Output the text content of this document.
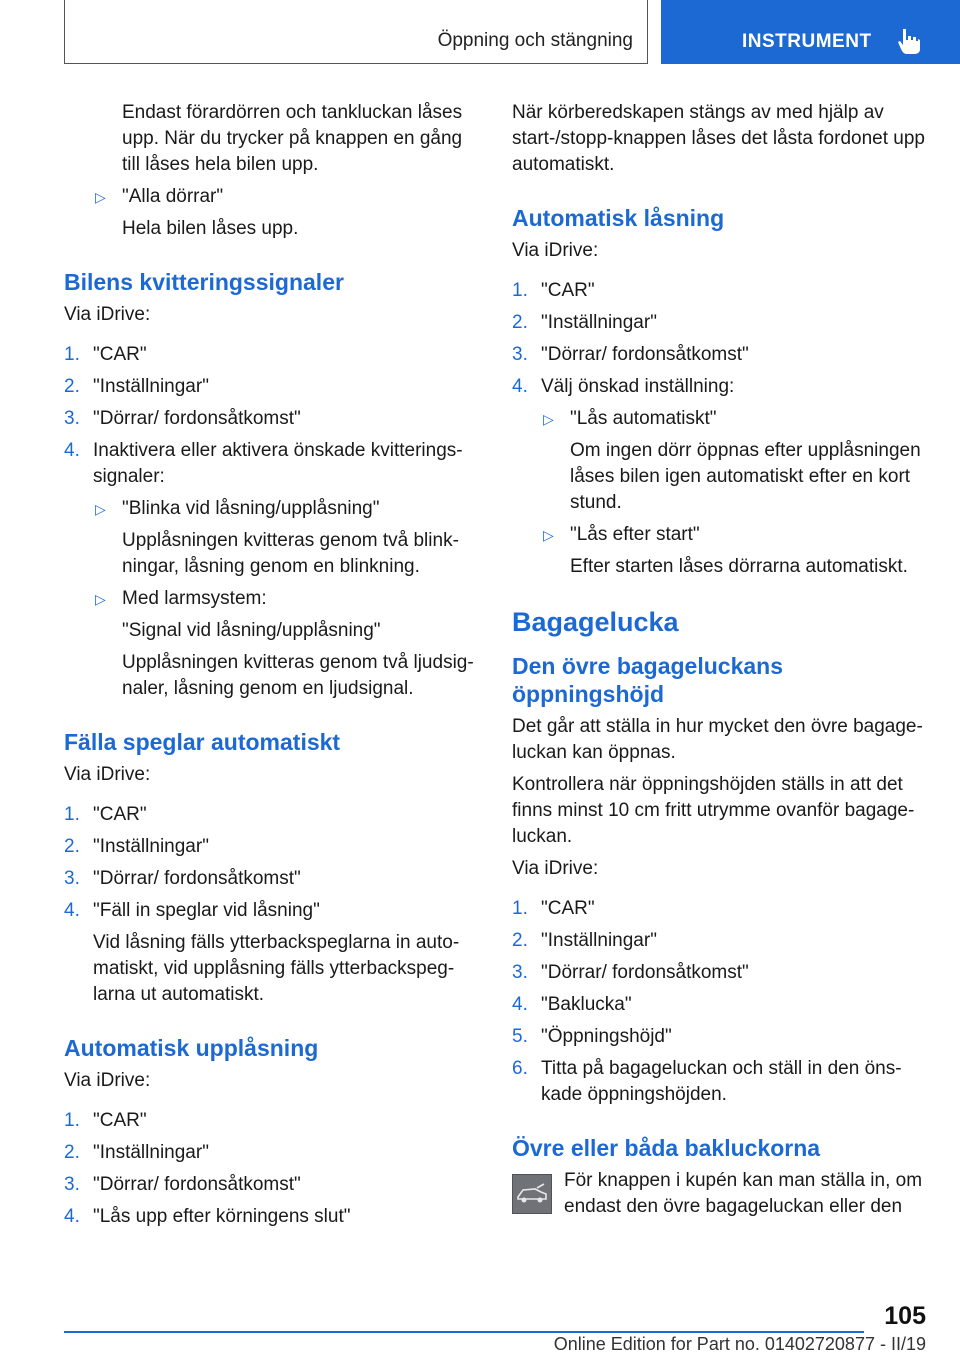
Öppning och stängning	INSTRUMENT

Endast förardörren och tankluckan låses upp. När du trycker på knappen en gång till låses hela bilen upp.

▷ "Alla dörrar"

Hela bilen låses upp.

Bilens kvitteringssignaler

Via iDrive:

1. "CAR"
2. "Inställningar"
3. "Dörrar/ fordonsåtkomst"
4. Inaktivera eller aktivera önskade kvitteringssignaler:
▷ "Blinka vid låsning/upplåsning"

Upplåsningen kvitteras genom två blinkningar, låsning genom en blinkning.

▷ Med larmsystem:

"Signal vid låsning/upplåsning"

Upplåsningen kvitteras genom två ljudsignaler, låsning genom en ljudsignal.

Fälla speglar automatiskt

Via iDrive:

1. "CAR"
2. "Inställningar"
3. "Dörrar/ fordonsåtkomst"
4. "Fäll in speglar vid låsning"

Vid låsning fälls ytterbackspeglarna in automatiskt, vid upplåsning fälls ytterbackspeglarna ut automatiskt.

Automatisk upplåsning

Via iDrive:

1. "CAR"
2. "Inställningar"
3. "Dörrar/ fordonsåtkomst"
4. "Lås upp efter körningens slut"

När körberedskapen stängs av med hjälp av start-/stopp-knappen låses det låsta fordonet upp automatiskt.

Automatisk låsning

Via iDrive:

1. "CAR"
2. "Inställningar"
3. "Dörrar/ fordonsåtkomst"
4. Välj önskad inställning:
▷ "Lås automatiskt"

Om ingen dörr öppnas efter upplåsningen låses bilen igen automatiskt efter en kort stund.

▷ "Lås efter start"

Efter starten låses dörrarna automatiskt.

Bagagelucka
Den övre bagageluckans öppningshöjd

Det går att ställa in hur mycket den övre bagageluckan kan öppnas.

Kontrollera när öppningshöjden ställs in att det finns minst 10 cm fritt utrymme ovanför bagageluckan.

Via iDrive:

1. "CAR"
2. "Inställningar"
3. "Dörrar/ fordonsåtkomst"
4. "Baklucka"
5. "Öppningshöjd"
6. Titta på bagageluckan och ställ in den önskade öppningshöjden.
Övre eller båda bakluckorna

För knappen i kupén kan man ställa in, om endast den övre bagageluckan eller den

105
Online Edition for Part no. 01402720877 - II/19
